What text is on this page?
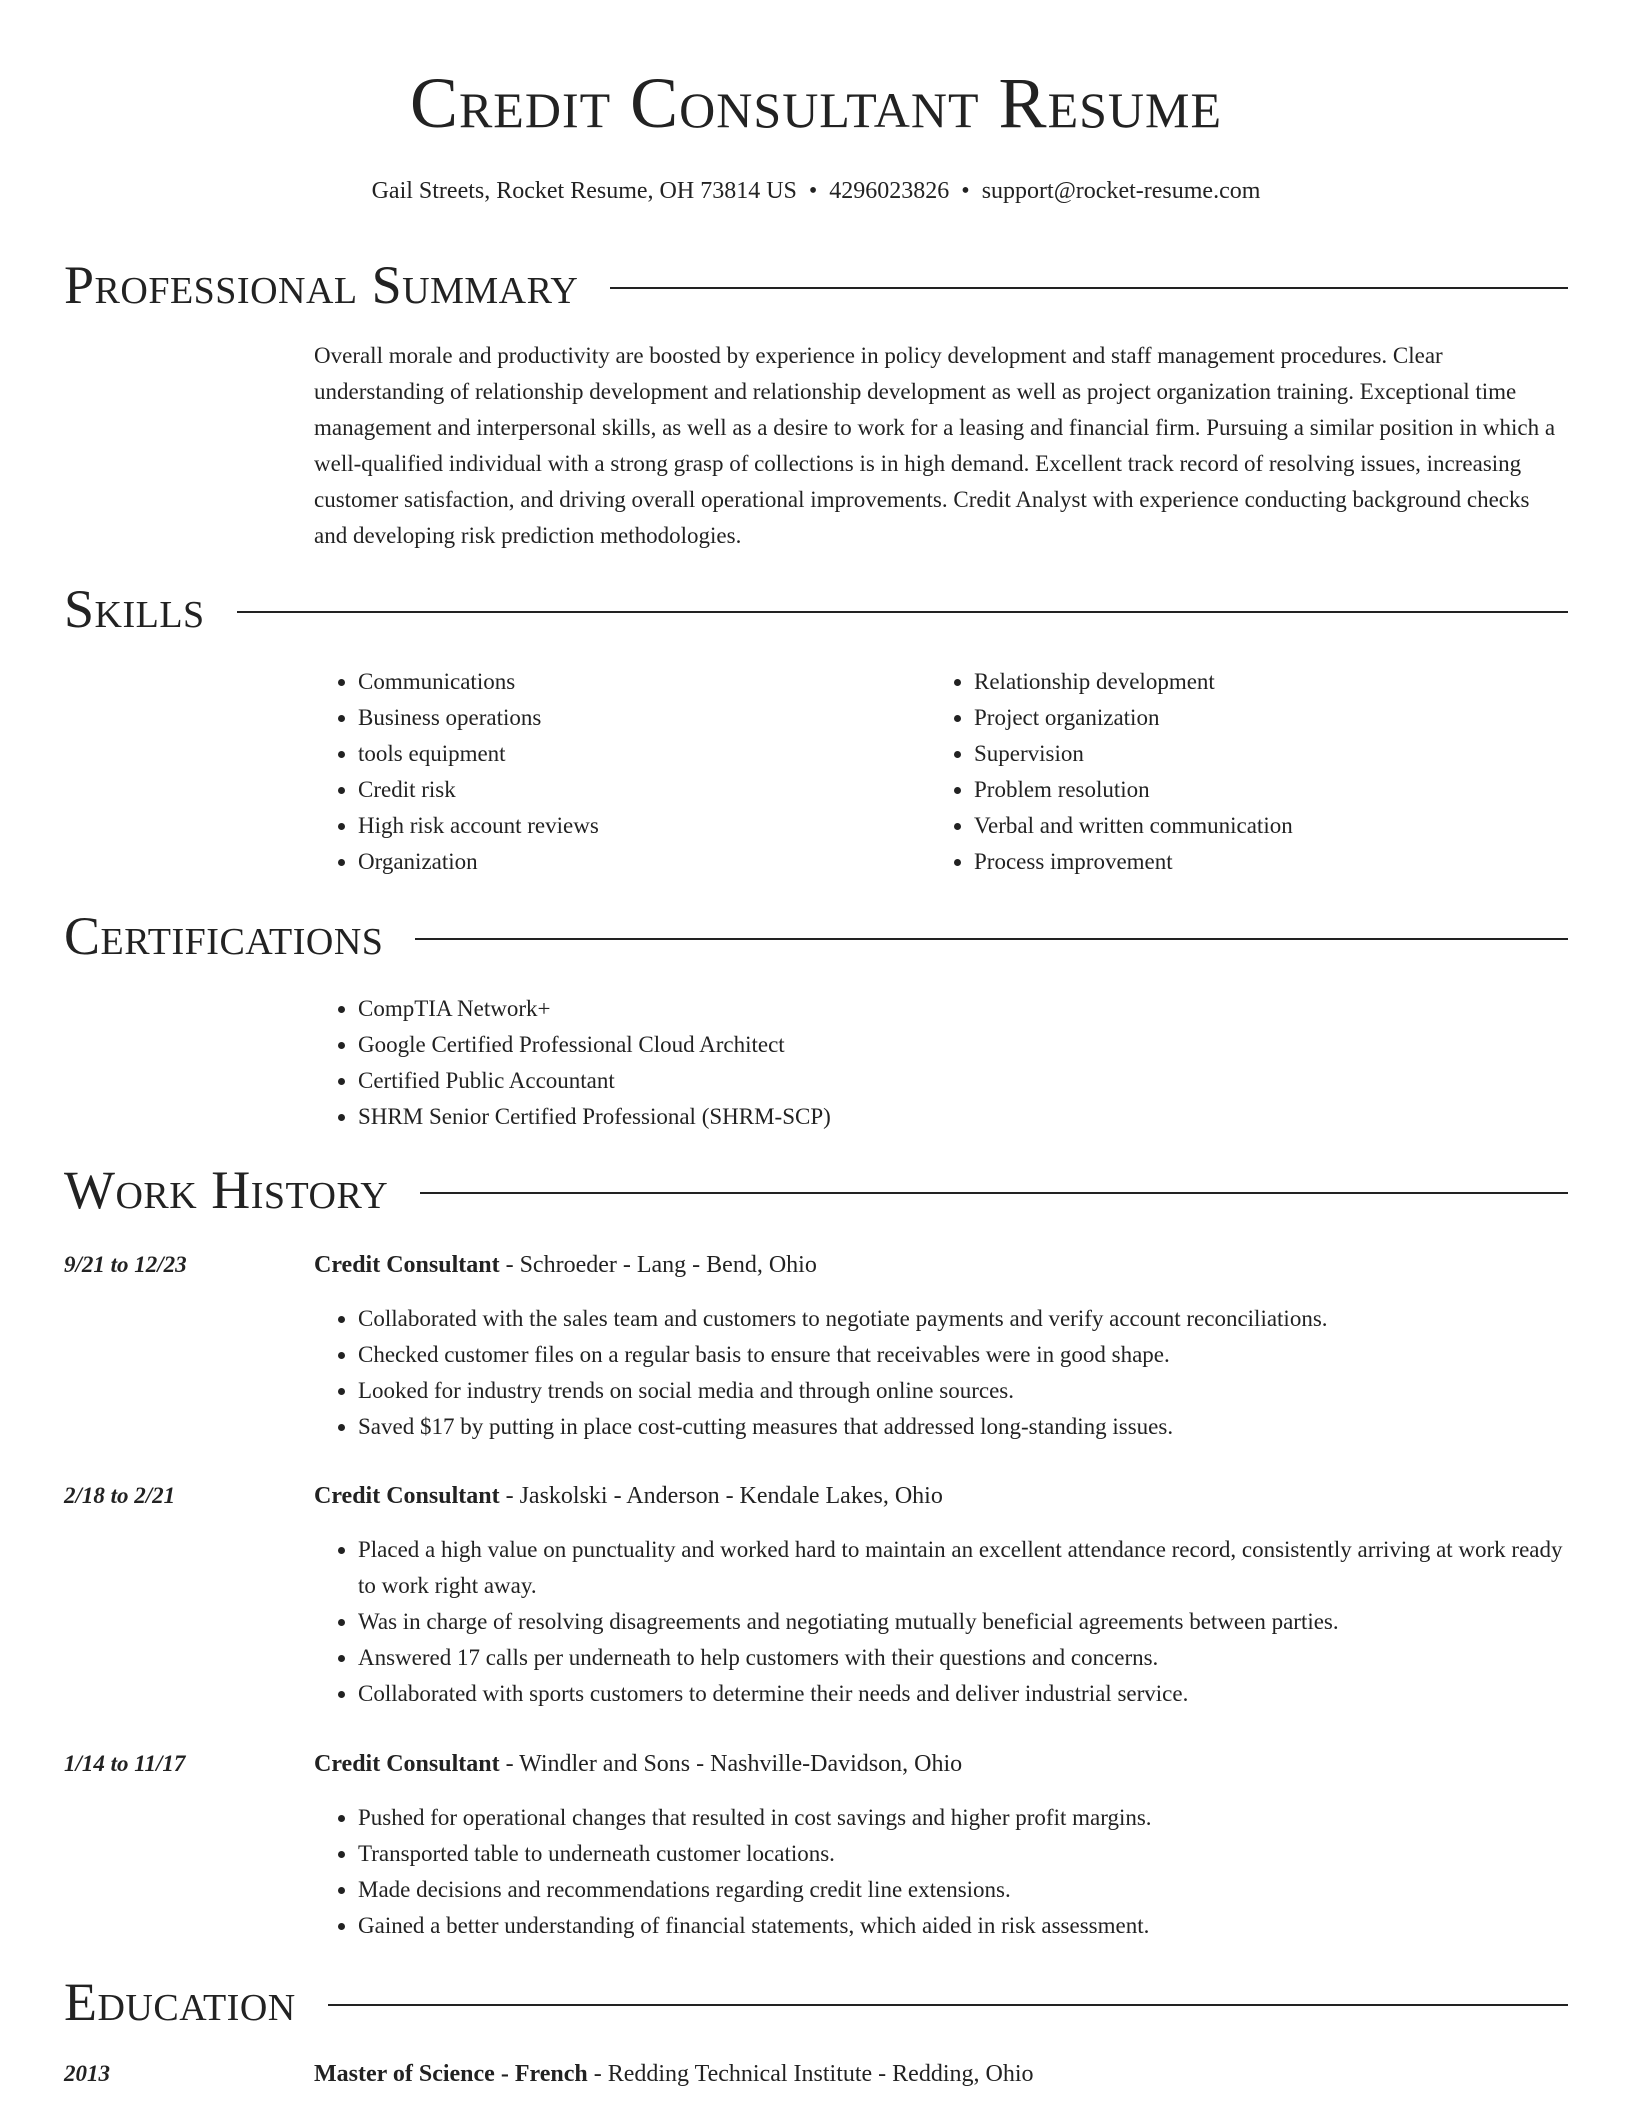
Credit Consultant Resume
Gail Streets, Rocket Resume, OH 73814 US • 4296023826 • support@rocket-resume.com
Professional Summary

Overall morale and productivity are boosted by experience in policy development and staff management procedures. Clear understanding of relationship development and relationship development as well as project organization training. Exceptional time management and interpersonal skills, as well as a desire to work for a leasing and financial firm. Pursuing a similar position in which a well-qualified individual with a strong grasp of collections is in high demand. Excellent track record of resolving issues, increasing customer satisfaction, and driving overall operational improvements. Credit Analyst with experience conducting background checks and developing risk prediction methodologies.

Skills
• Communications
• Business operations
• tools equipment
• Credit risk
• High risk account reviews
• Organization
• Relationship development
• Project organization
• Supervision
• Problem resolution
• Verbal and written communication
• Process improvement
Certifications
• CompTIA Network+
• Google Certified Professional Cloud Architect
• Certified Public Accountant
• SHRM Senior Certified Professional (SHRM-SCP)
Work History
9/21 to 12/23	Credit Consultant - Schroeder - Lang - Bend, Ohio
• Collaborated with the sales team and customers to negotiate payments and verify account reconciliations.
• Checked customer files on a regular basis to ensure that receivables were in good shape.
• Looked for industry trends on social media and through online sources.
• Saved $17 by putting in place cost-cutting measures that addressed long-standing issues.
2/18 to 2/21	Credit Consultant - Jaskolski - Anderson - Kendale Lakes, Ohio
• Placed a high value on punctuality and worked hard to maintain an excellent attendance record, consistently arriving at work ready to work right away.
• Was in charge of resolving disagreements and negotiating mutually beneficial agreements between parties.
• Answered 17 calls per underneath to help customers with their questions and concerns.
• Collaborated with sports customers to determine their needs and deliver industrial service.
1/14 to 11/17	Credit Consultant - Windler and Sons - Nashville-Davidson, Ohio
• Pushed for operational changes that resulted in cost savings and higher profit margins.
• Transported table to underneath customer locations.
• Made decisions and recommendations regarding credit line extensions.
• Gained a better understanding of financial statements, which aided in risk assessment.
Education
2013	Master of Science - French - Redding Technical Institute - Redding, Ohio
